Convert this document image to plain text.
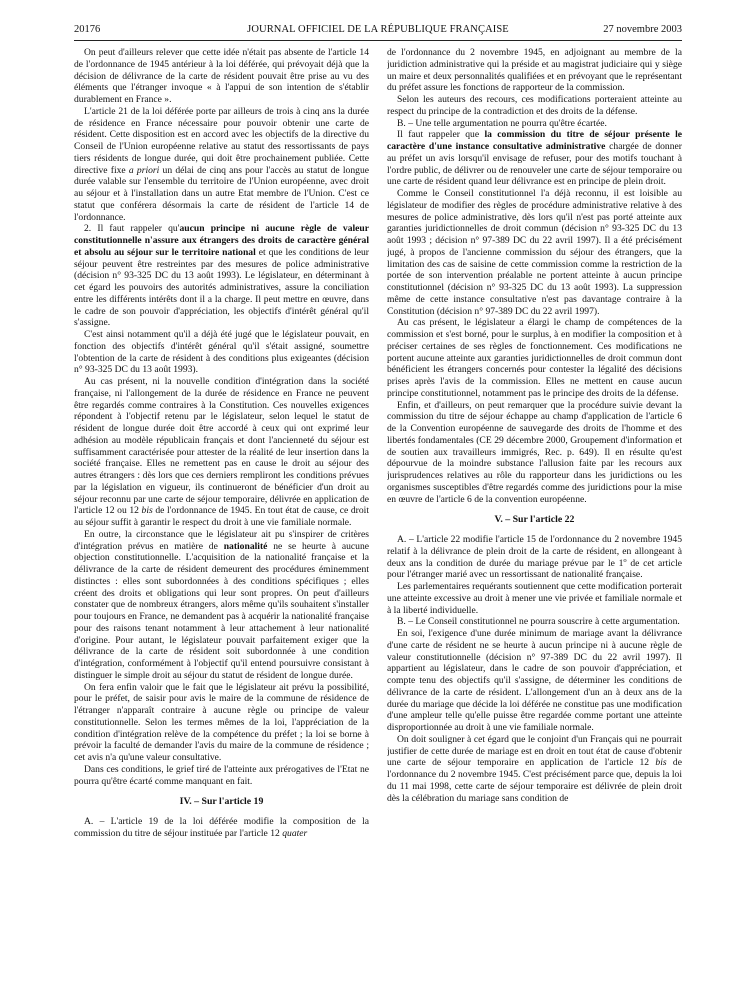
20176	JOURNAL OFFICIEL DE LA RÉPUBLIQUE FRANÇAISE	27 novembre 2003

On peut d'ailleurs relever que cette idée n'était pas absente de l'article 14 de l'ordonnance de 1945 antérieur à la loi déférée, qui prévoyait déjà que la décision de délivrance de la carte de résident pouvait être prise au vu des éléments que l'étranger invoque « à l'appui de son intention de s'établir durablement en France ».

L'article 21 de la loi déférée porte par ailleurs de trois à cinq ans la durée de résidence en France nécessaire pour pouvoir obtenir une carte de résident. Cette disposition est en accord avec les objectifs de la directive du Conseil de l'Union européenne relative au statut des ressortissants de pays tiers résidents de longue durée, qui doit être prochainement publiée. Cette directive fixe a priori un délai de cinq ans pour l'accès au statut de longue durée valable sur l'ensemble du territoire de l'Union européenne, avec droit au séjour et à l'installation dans un autre Etat membre de l'Union. C'est ce statut que conférera désormais la carte de résident de l'article 14 de l'ordonnance.

2. Il faut rappeler qu'aucun principe ni aucune règle de valeur constitutionnelle n'assure aux étrangers des droits de caractère général et absolu au séjour sur le territoire national et que les conditions de leur séjour peuvent être restreintes par des mesures de police administrative (décision n° 93-325 DC du 13 août 1993). Le législateur, en déterminant à cet égard les pouvoirs des autorités administratives, assure la conciliation entre les différents intérêts dont il a la charge. Il peut mettre en œuvre, dans le cadre de son pouvoir d'appréciation, les objectifs d'intérêt général qu'il s'assigne.

C'est ainsi notamment qu'il a déjà été jugé que le législateur pouvait, en fonction des objectifs d'intérêt général qu'il s'était assigné, soumettre l'obtention de la carte de résident à des conditions plus exigeantes (décision n° 93-325 DC du 13 août 1993).

Au cas présent, ni la nouvelle condition d'intégration dans la société française, ni l'allongement de la durée de résidence en France ne peuvent être regardés comme contraires à la Constitution. Ces nouvelles exigences répondent à l'objectif retenu par le législateur, selon lequel le statut de résident de longue durée doit être accordé à ceux qui ont exprimé leur adhésion au modèle républicain français et dont l'ancienneté du séjour est suffisamment caractérisée pour attester de la réalité de leur insertion dans la société française. Elles ne remettent pas en cause le droit au séjour des autres étrangers : dès lors que ces derniers rempliront les conditions prévues par la législation en vigueur, ils continueront de bénéficier d'un droit au séjour reconnu par une carte de séjour temporaire, délivrée en application de l'article 12 ou 12 bis de l'ordonnance de 1945. En tout état de cause, ce droit au séjour suffit à garantir le respect du droit à une vie familiale normale.

En outre, la circonstance que le législateur ait pu s'inspirer de critères d'intégration prévus en matière de nationalité ne se heurte à aucune objection constitutionnelle. L'acquisition de la nationalité française et la délivrance de la carte de résident demeurent des procédures éminemment distinctes : elles sont subordonnées à des conditions spécifiques ; elles créent des droits et obligations qui leur sont propres. On peut d'ailleurs constater que de nombreux étrangers, alors même qu'ils souhaitent s'installer pour toujours en France, ne demandent pas à acquérir la nationalité française pour des raisons tenant notamment à leur attachement à leur nationalité d'origine. Pour autant, le législateur pouvait parfaitement exiger que la délivrance de la carte de résident soit subordonnée à une condition d'intégration, conformément à l'objectif qu'il entend poursuivre consistant à distinguer le simple droit au séjour du statut de résident de longue durée.

On fera enfin valoir que le fait que le législateur ait prévu la possibilité, pour le préfet, de saisir pour avis le maire de la commune de résidence de l'étranger n'apparaît contraire à aucune règle ou principe de valeur constitutionnelle. Selon les termes mêmes de la loi, l'appréciation de la condition d'intégration relève de la compétence du préfet ; la loi se borne à prévoir la faculté de demander l'avis du maire de la commune de résidence ; cet avis n'a qu'une valeur consultative.

Dans ces conditions, le grief tiré de l'atteinte aux prérogatives de l'Etat ne pourra qu'être écarté comme manquant en fait.

IV. – Sur l'article 19

A. – L'article 19 de la loi déférée modifie la composition de la commission du titre de séjour instituée par l'article 12 quater

de l'ordonnance du 2 novembre 1945, en adjoignant au membre de la juridiction administrative qui la préside et au magistrat judiciaire qui y siège un maire et deux personnalités qualifiées et en prévoyant que le représentant du préfet assure les fonctions de rapporteur de la commission.

Selon les auteurs des recours, ces modifications porteraient atteinte au respect du principe de la contradiction et des droits de la défense.

B. – Une telle argumentation ne pourra qu'être écartée.

Il faut rappeler que la commission du titre de séjour présente le caractère d'une instance consultative administrative chargée de donner au préfet un avis lorsqu'il envisage de refuser, pour des motifs touchant à l'ordre public, de délivrer ou de renouveler une carte de séjour temporaire ou une carte de résident quand leur délivrance est en principe de plein droit.

Comme le Conseil constitutionnel l'a déjà reconnu, il est loisible au législateur de modifier des règles de procédure administrative relative à des mesures de police administrative, dès lors qu'il n'est pas porté atteinte aux garanties juridictionnelles de droit commun (décision n° 93-325 DC du 13 août 1993 ; décision n° 97-389 DC du 22 avril 1997). Il a été précisément jugé, à propos de l'ancienne commission du séjour des étrangers, que la limitation des cas de saisine de cette commission comme la restriction de la portée de son intervention préalable ne portent atteinte à aucun principe constitutionnel (décision n° 93-325 DC du 13 août 1993). La suppression même de cette instance consultative n'est pas davantage contraire à la Constitution (décision n° 97-389 DC du 22 avril 1997).

Au cas présent, le législateur a élargi le champ de compétences de la commission et s'est borné, pour le surplus, à en modifier la composition et à préciser certaines de ses règles de fonctionnement. Ces modifications ne portent aucune atteinte aux garanties juridictionnelles de droit commun dont bénéficient les étrangers concernés pour contester la légalité des décisions prises après l'avis de la commission. Elles ne mettent en cause aucun principe constitutionnel, notamment pas le principe des droits de la défense.

Enfin, et d'ailleurs, on peut remarquer que la procédure suivie devant la commission du titre de séjour échappe au champ d'application de l'article 6 de la Convention européenne de sauvegarde des droits de l'homme et des libertés fondamentales (CE 29 décembre 2000, Groupement d'information et de soutien aux travailleurs immigrés, Rec. p. 649). Il en résulte qu'est dépourvue de la moindre substance l'allusion faite par les recours aux jurisprudences relatives au rôle du rapporteur dans les juridictions ou les organismes susceptibles d'être regardés comme des juridictions pour la mise en œuvre de l'article 6 de la convention européenne.

V. – Sur l'article 22

A. – L'article 22 modifie l'article 15 de l'ordonnance du 2 novembre 1945 relatif à la délivrance de plein droit de la carte de résident, en allongeant à deux ans la condition de durée du mariage prévue par le 1$^o$ de cet article pour l'étranger marié avec un ressortissant de nationalité française.

Les parlementaires requérants soutiennent que cette modification porterait une atteinte excessive au droit à mener une vie privée et familiale normale et à la liberté individuelle.

B. – Le Conseil constitutionnel ne pourra souscrire à cette argumentation.

En soi, l'exigence d'une durée minimum de mariage avant la délivrance d'une carte de résident ne se heurte à aucun principe ni à aucune règle de valeur constitutionnelle (décision n° 97-389 DC du 22 avril 1997). Il appartient au législateur, dans le cadre de son pouvoir d'appréciation, et compte tenu des objectifs qu'il s'assigne, de déterminer les conditions de délivrance de la carte de résident. L'allongement d'un an à deux ans de la durée du mariage que décide la loi déférée ne constitue pas une modification d'une ampleur telle qu'elle puisse être regardée comme portant une atteinte disproportionnée au droit à une vie familiale normale.

On doit souligner à cet égard que le conjoint d'un Français qui ne pourrait justifier de cette durée de mariage est en droit en tout état de cause d'obtenir une carte de séjour temporaire en application de l'article 12 bis de l'ordonnance du 2 novembre 1945. C'est précisément parce que, depuis la loi du 11 mai 1998, cette carte de séjour temporaire est délivrée de plein droit dès la célébration du mariage sans condition de
